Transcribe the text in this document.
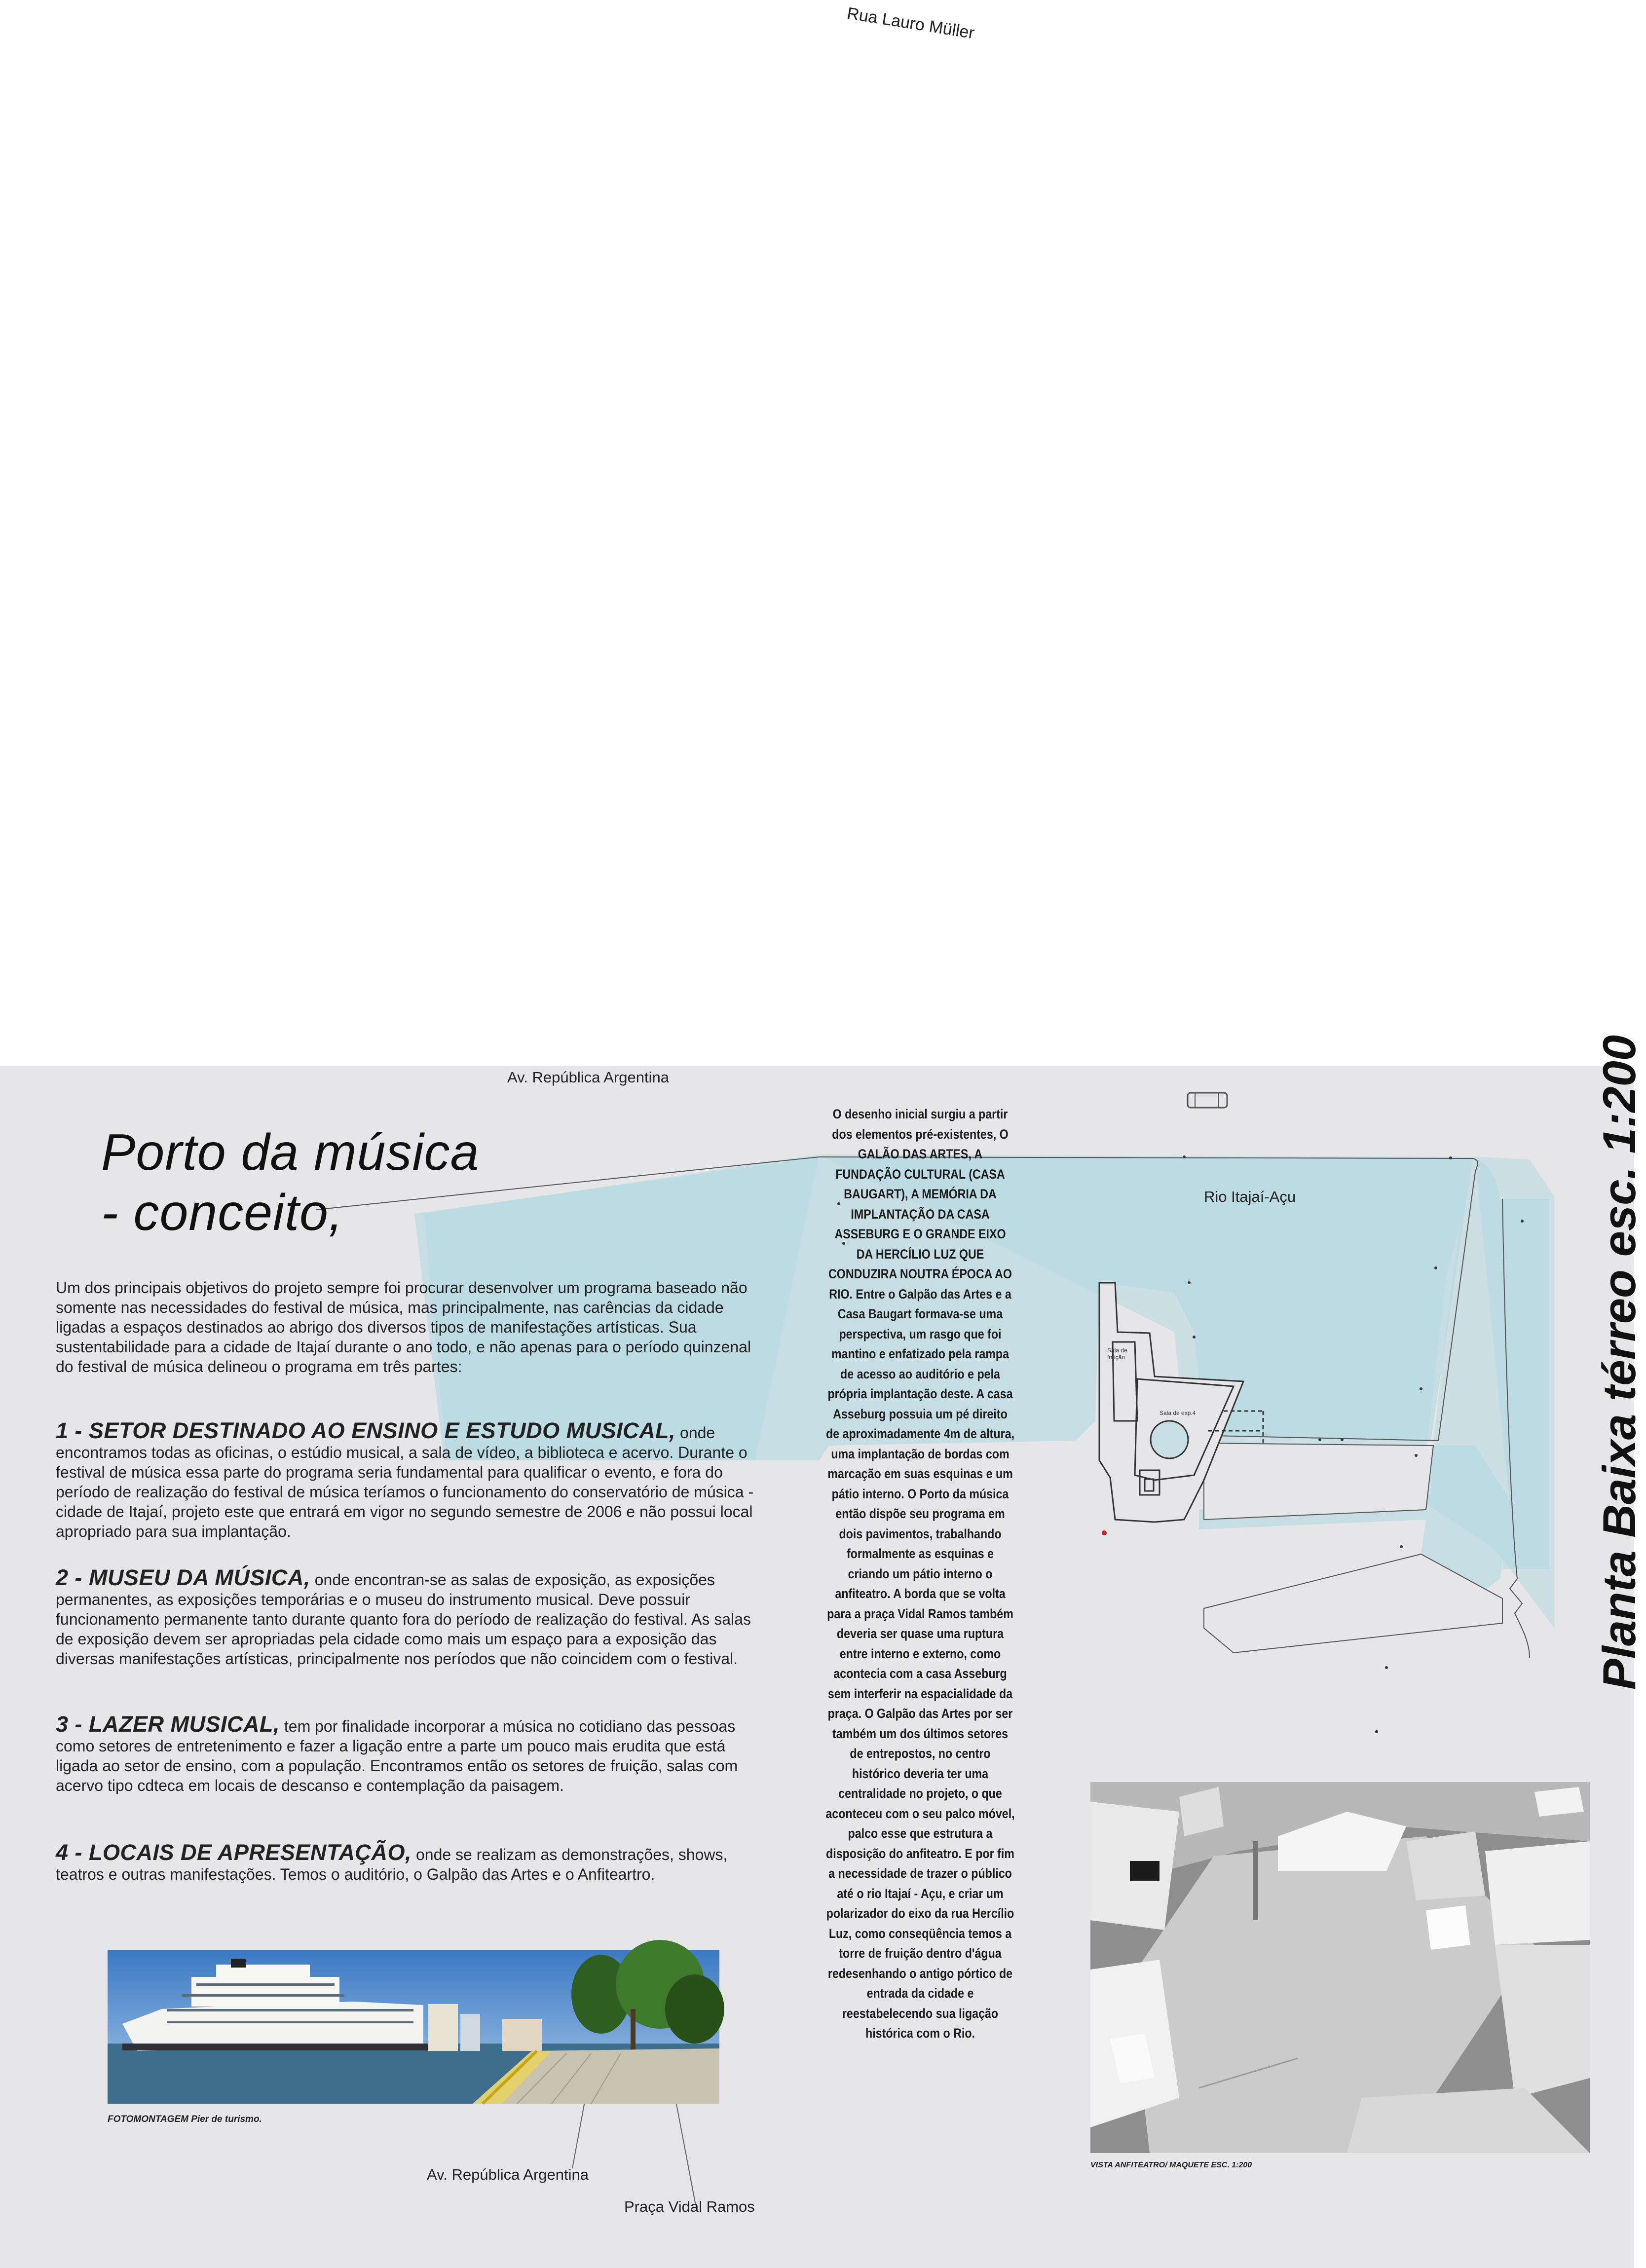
Rua Lauro Müller
Av. República Argentina
Rio Itajaí-Açu
Sala de fruição
Sala de exp.4
Porto da música
- conceito,
Um dos principais objetivos do projeto sempre foi procurar desenvolver um programa baseado não somente nas necessidades do festival de música, mas principalmente, nas carências da cidade ligadas a espaços destinados ao abrigo dos diversos tipos de manifestações artísticas. Sua sustentabilidade para a cidade de Itajaí durante o ano todo, e não apenas para o período quinzenal do festival de música delineou o programa em três partes:
1 - SETOR DESTINADO AO ENSINO E ESTUDO MUSICAL, onde encontramos todas as oficinas, o estúdio musical, a sala de vídeo, a biblioteca e acervo. Durante o festival de música essa parte do programa seria fundamental para qualificar o evento, e fora do período de realização do festival de música teríamos o funcionamento do conservatório de música - cidade de Itajaí, projeto este que entrará em vigor no segundo semestre de 2006 e não possui local apropriado para sua implantação.
2 - MUSEU DA MÚSICA, onde encontran-se as salas de exposição, as exposições permanentes, as exposições temporárias e o museu do instrumento musical. Deve possuir funcionamento permanente tanto durante quanto fora do período de realização do festival. As salas de exposição devem ser apropriadas pela cidade como mais um espaço para a exposição das diversas manifestações artísticas, principalmente nos períodos que não coincidem com o festival.
3 - LAZER MUSICAL, tem por finalidade incorporar a música no cotidiano das pessoas como setores de entretenimento e fazer a ligação entre a parte um pouco mais erudita que está ligada ao setor de ensino, com a população. Encontramos então os setores de fruição, salas com acervo tipo cdteca em locais de descanso e contemplação da paisagem.
4 - LOCAIS DE APRESENTAÇÃO, onde se realizam as demonstrações, shows, teatros e outras manifestações. Temos o auditório, o Galpão das Artes e o Anfiteartro.
FOTOMONTAGEM Pier de turismo.
Av. República Argentina
Praça Vidal Ramos
O desenho inicial surgiu a partir dos elementos pré-existentes, O GALÃO DAS ARTES, A FUNDAÇÃO CULTURAL (CASA BAUGART), A MEMÓRIA DA IMPLANTAÇÃO DA CASA ASSEBURG E O GRANDE EIXO DA HERCÍLIO LUZ QUE CONDUZIRA NOUTRA ÉPOCA AO RIO. Entre o Galpão das Artes e a Casa Baugart formava-se uma perspectiva, um rasgo que foi mantino e enfatizado pela rampa de acesso ao auditório e pela própria implantação deste. A casa Asseburg possuia um pé direito de aproximadamente 4m de altura, uma implantação de bordas com marcação em suas esquinas e um pátio interno. O Porto da música então dispõe seu programa em dois pavimentos, trabalhando formalmente as esquinas e criando um pátio interno o anfiteatro. A borda que se volta para a praça Vidal Ramos também deveria ser quase uma ruptura entre interno e externo, como acontecia com a casa Asseburg sem interferir na espacialidade da praça. O Galpão das Artes por ser também um dos últimos setores de entrepostos, no centro histórico deveria ter uma centralidade no projeto, o que aconteceu com o seu palco móvel, palco esse que estrutura a disposição do anfiteatro. E por fim a necessidade de trazer o público até o rio Itajaí - Açu, e criar um polarizador do eixo da rua Hercílio Luz, como conseqüência temos a torre de fruição dentro d'água redesenhando o antigo pórtico de entrada da cidade e reestabelecendo sua ligação histórica com o Rio.
VISTA ANFITEATRO/ MAQUETE ESC. 1:200
Planta Baixa térreo esc. 1:200
